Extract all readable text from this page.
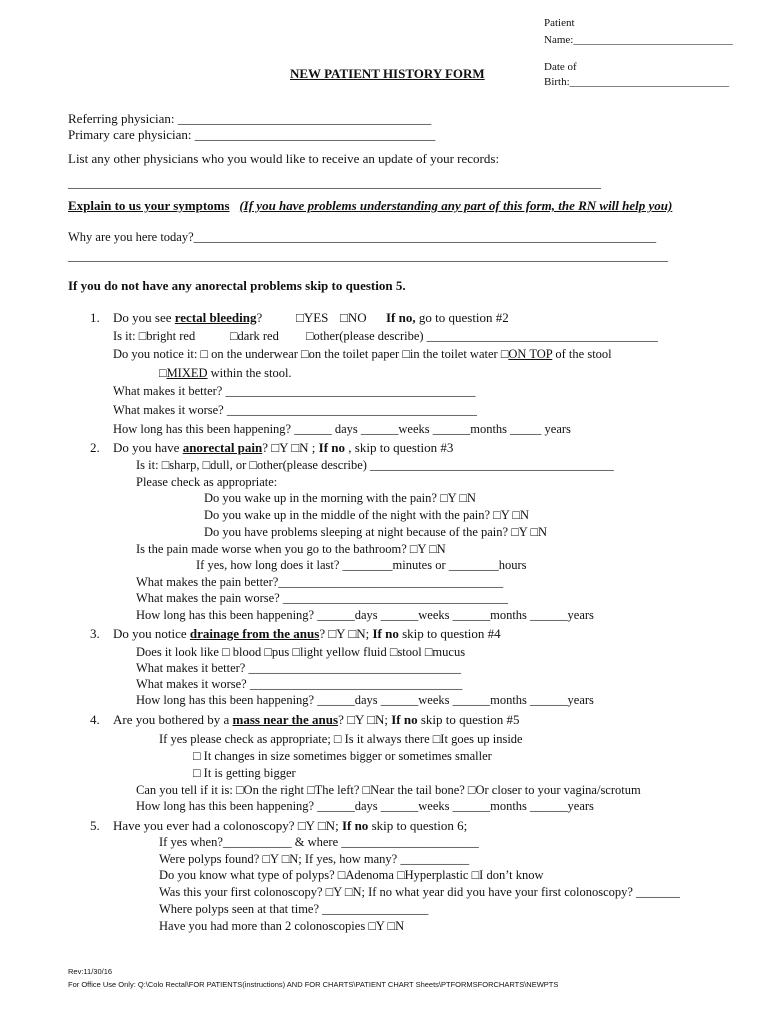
Patient
Name:_____________________________
NEW PATIENT HISTORY FORM	Date of
Birth:_____________________________
Referring physician: _______________________________________
Primary care physician: _____________________________________
List any other physicians who you would like to receive an update of your records:
__________________________________________________________________________________
Explain to us your symptoms (If you have problems understanding any part of this form, the RN will help you)
Why are you here today?__________________________________________________________________________
________________________________________________________________________________________________
If you do not have any anorectal problems skip to question 5.
1. Do you see rectal bleeding?	□YES □NO If no, go to question #2
Is it: □bright red	□dark red □other(please describe) _____________________________________
Do you notice it: □ on the underwear □on the toilet paper □in the toilet water □ON TOP of the stool
□MIXED within the stool.
What makes it better? ________________________________________
What makes it worse? ________________________________________
How long has this been happening? ______ days ______weeks ______months _____ years
2. Do you have anorectal pain? □Y □N ; If no , skip to question #3
Is it: □sharp, □dull, or □other(please describe) _______________________________________
Please check as appropriate:
Do you wake up in the morning with the pain? □Y □N
Do you wake up in the middle of the night with the pain? □Y □N
Do you have problems sleeping at night because of the pain? □Y □N
Is the pain made worse when you go to the bathroom? □Y □N
If yes, how long does it last? ________minutes or ________hours
What makes the pain better?____________________________________
What makes the pain worse? ____________________________________
How long has this been happening? ______days ______weeks ______months ______years
3. Do you notice drainage from the anus? □Y □N; If no skip to question #4
Does it look like □ blood □pus □light yellow fluid □stool □mucus
What makes it better? __________________________________
What makes it worse? __________________________________
How long has this been happening? ______days ______weeks ______months ______years
4. Are you bothered by a mass near the anus? □Y □N; If no skip to question #5
If yes please check as appropriate; □ Is it always there □It goes up inside
□ It changes in size sometimes bigger or sometimes smaller
□ It is getting bigger
Can you tell if it is: □On the right □The left? □Near the tail bone? □Or closer to your vagina/scrotum
How long has this been happening? ______days ______weeks ______months ______years
5. Have you ever had a colonoscopy? □Y □N; If no skip to question 6;
If yes when?___________ & where ______________________
Were polyps found? □Y □N; If yes, how many? ___________
Do you know what type of polyps? □Adenoma □Hyperplastic □I don’t know
Was this your first colonoscopy? □Y □N; If no what year did you have your first colonoscopy? _______
Where polyps seen at that time? _________________
Have you had more than 2 colonoscopies □Y □N
Rev:11/30/16
For Office Use Only: Q:\Colo Rectal\FOR PATIENTS(instructions) AND FOR CHARTS\PATIENT CHART Sheets\PTFORMSFORCHARTS\NEWPTS
